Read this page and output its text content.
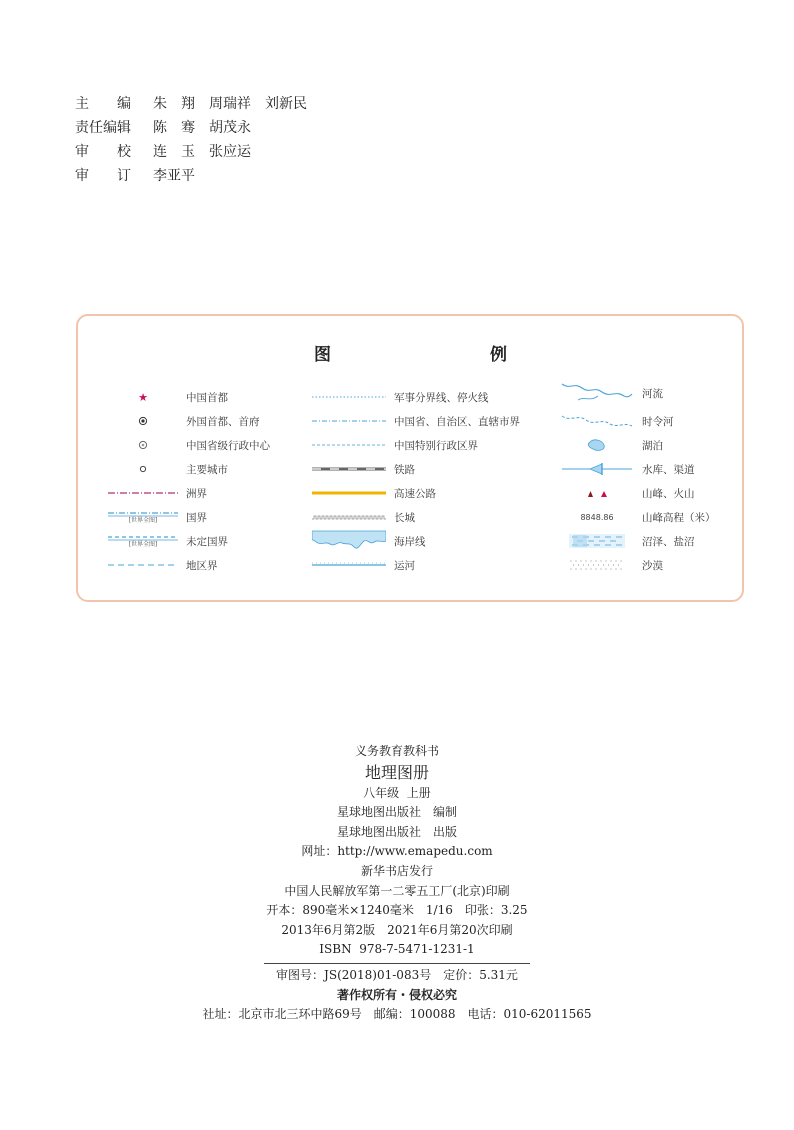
主　　编	朱　翔　周瑞祥　刘新民
责任编辑	陈　骞　胡茂永
审　　校	连　玉　张应运
审　　订	李亚平
图	例
★	中国首都
外国首都、首府
中国省级行政中心
主要城市
洲界
[世界全图]	国界
[世界全图]	未定国界
地区界
军事分界线、停火线
中国省、自治区、直辖市界
中国特别行政区界
铁路
高速公路
长城
海岸线
运河
河流
时令河
湖泊
水库、渠道
山峰、火山
8848.86	山峰高程（米）
沼泽、盐沼
沙漠
义务教育教科书
地理图册
八年级  上册
星球地图出版社　编制
星球地图出版社　出版
网址：http://www.emapedu.com
新华书店发行
中国人民解放军第一二零五工厂(北京)印刷
开本：890毫米×1240毫米　1/16　印张：3.25
2013年6月第2版　2021年6月第20次印刷
ISBN  978-7-5471-1231-1
审图号：JS(2018)01-083号　定价：5.31元
著作权所有・侵权必究
社址：北京市北三环中路69号　邮编：100088　电话：010-62011565
